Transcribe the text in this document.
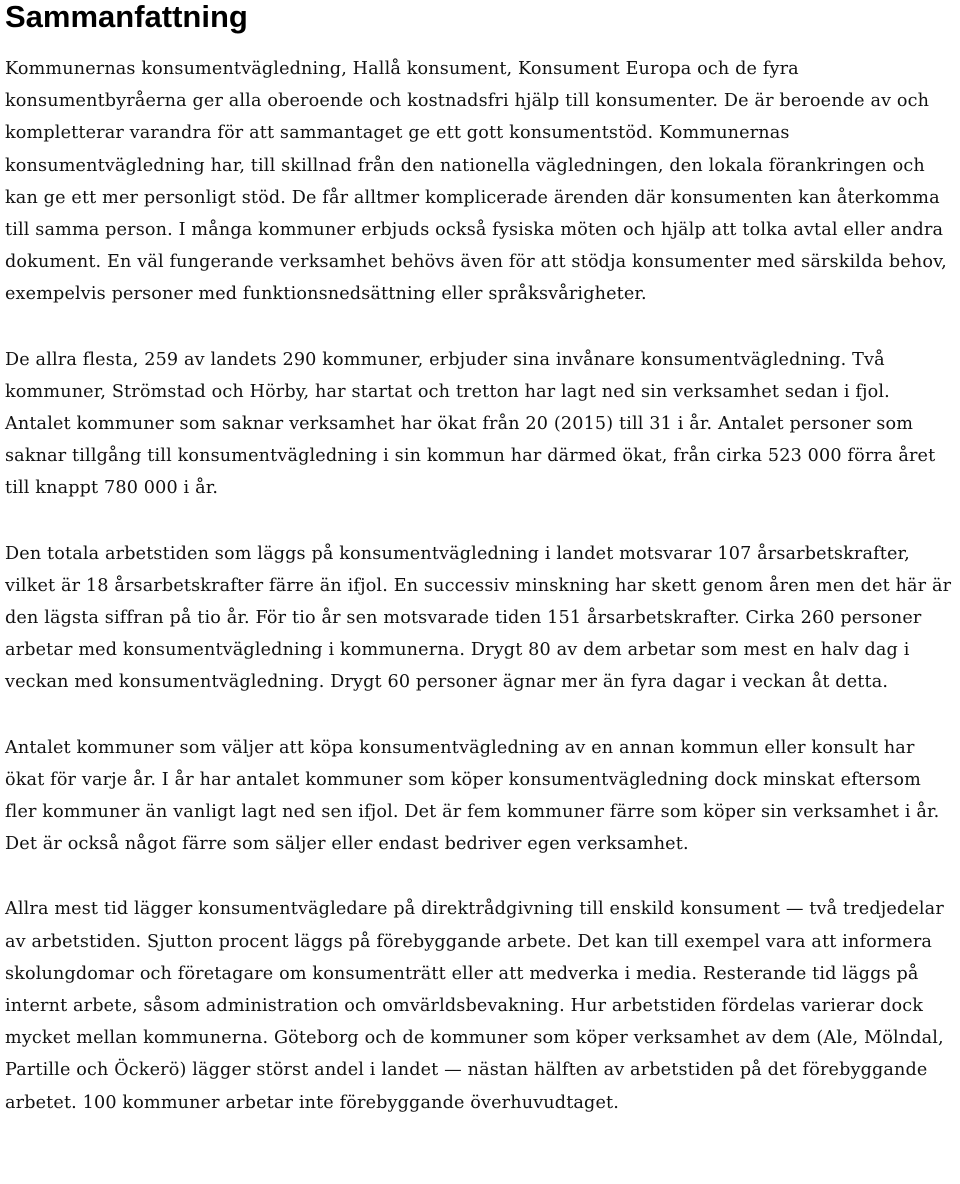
Sammanfattning

Kommunernas konsumentvägledning, Hallå konsument, Konsument Europa och de fyra konsumentbyråerna ger alla oberoende och kostnadsfri hjälp till konsumenter. De är beroende av och kompletterar varandra för att sammantaget ge ett gott konsumentstöd. Kommunernas konsumentvägledning har, till skillnad från den nationella vägledningen, den lokala förankringen och kan ge ett mer personligt stöd. De får alltmer komplicerade ärenden där konsumenten kan återkomma till samma person. I många kommuner erbjuds också fysiska möten och hjälp att tolka avtal eller andra dokument. En väl fungerande verksamhet behövs även för att stödja konsumenter med särskilda behov, exempelvis personer med funktionsnedsättning eller språksvårigheter.

De allra flesta, 259 av landets 290 kommuner, erbjuder sina invånare konsumentvägledning. Två kommuner, Strömstad och Hörby, har startat och tretton har lagt ned sin verksamhet sedan i fjol. Antalet kommuner som saknar verksamhet har ökat från 20 (2015) till 31 i år. Antalet personer som saknar tillgång till konsumentvägledning i sin kommun har därmed ökat, från cirka 523 000 förra året till knappt 780 000 i år.

Den totala arbetstiden som läggs på konsumentvägledning i landet motsvarar 107 årsarbetskrafter, vilket är 18 årsarbetskrafter färre än ifjol. En successiv minskning har skett genom åren men det här är den lägsta siffran på tio år. För tio år sen motsvarade tiden 151 årsarbetskrafter. Cirka 260 personer arbetar med konsumentvägledning i kommunerna. Drygt 80 av dem arbetar som mest en halv dag i veckan med konsumentvägledning. Drygt 60 personer ägnar mer än fyra dagar i veckan åt detta.

Antalet kommuner som väljer att köpa konsumentvägledning av en annan kommun eller konsult har ökat för varje år. I år har antalet kommuner som köper konsumentvägledning dock minskat eftersom fler kommuner än vanligt lagt ned sen ifjol. Det är fem kommuner färre som köper sin verksamhet i år. Det är också något färre som säljer eller endast bedriver egen verksamhet.

Allra mest tid lägger konsumentvägledare på direktrådgivning till enskild konsument — två tredjedelar av arbetstiden. Sjutton procent läggs på förebyggande arbete. Det kan till exempel vara att informera skolungdomar och företagare om konsumenträtt eller att medverka i media. Resterande tid läggs på internt arbete, såsom administration och omvärldsbevakning. Hur arbetstiden fördelas varierar dock mycket mellan kommunerna. Göteborg och de kommuner som köper verksamhet av dem (Ale, Mölndal, Partille och Öckerö) lägger störst andel i landet — nästan hälften av arbetstiden på det förebyggande arbetet. 100 kommuner arbetar inte förebyggande överhuvudtaget.
